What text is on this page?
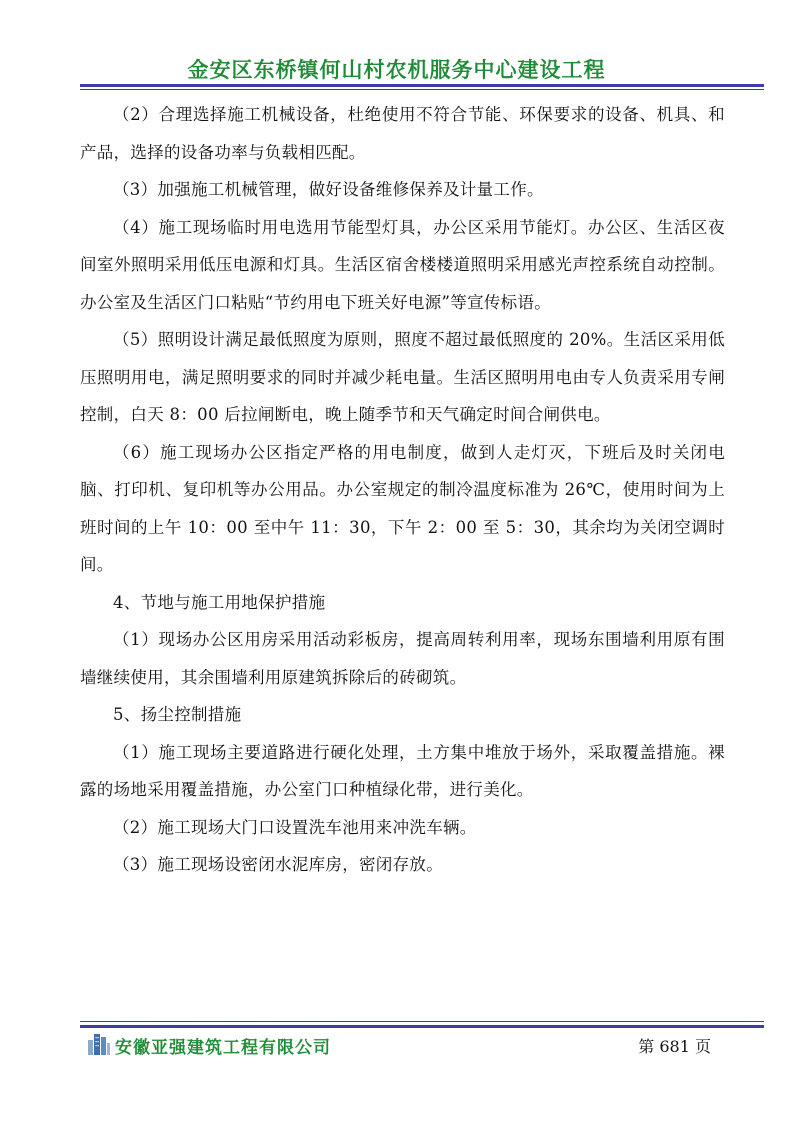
金安区东桥镇何山村农机服务中心建设工程

（2）合理选择施工机械设备，杜绝使用不符合节能、环保要求的设备、机具、和产品，选择的设备功率与负载相匹配。

（3）加强施工机械管理，做好设备维修保养及计量工作。

（4）施工现场临时用电选用节能型灯具，办公区采用节能灯。办公区、生活区夜间室外照明采用低压电源和灯具。生活区宿舍楼楼道照明采用感光声控系统自动控制。办公室及生活区门口粘贴“节约用电下班关好电源”等宣传标语。

（5）照明设计满足最低照度为原则，照度不超过最低照度的 20%。生活区采用低压照明用电，满足照明要求的同时并减少耗电量。生活区照明用电由专人负责采用专闸控制，白天 8：00 后拉闸断电，晚上随季节和天气确定时间合闸供电。

（6）施工现场办公区指定严格的用电制度，做到人走灯灭，下班后及时关闭电脑、打印机、复印机等办公用品。办公室规定的制冷温度标准为 26℃，使用时间为上班时间的上午 10：00 至中午 11：30，下午 2：00 至 5：30，其余均为关闭空调时间。

4、节地与施工用地保护措施

（1）现场办公区用房采用活动彩板房，提高周转利用率，现场东围墙利用原有围墙继续使用，其余围墙利用原建筑拆除后的砖砌筑。

5、扬尘控制措施

（1）施工现场主要道路进行硬化处理，土方集中堆放于场外，采取覆盖措施。裸露的场地采用覆盖措施，办公室门口种植绿化带，进行美化。

（2）施工现场大门口设置洗车池用来冲洗车辆。

（3）施工现场设密闭水泥库房，密闭存放。

安徽亚强建筑工程有限公司	第 681 页
